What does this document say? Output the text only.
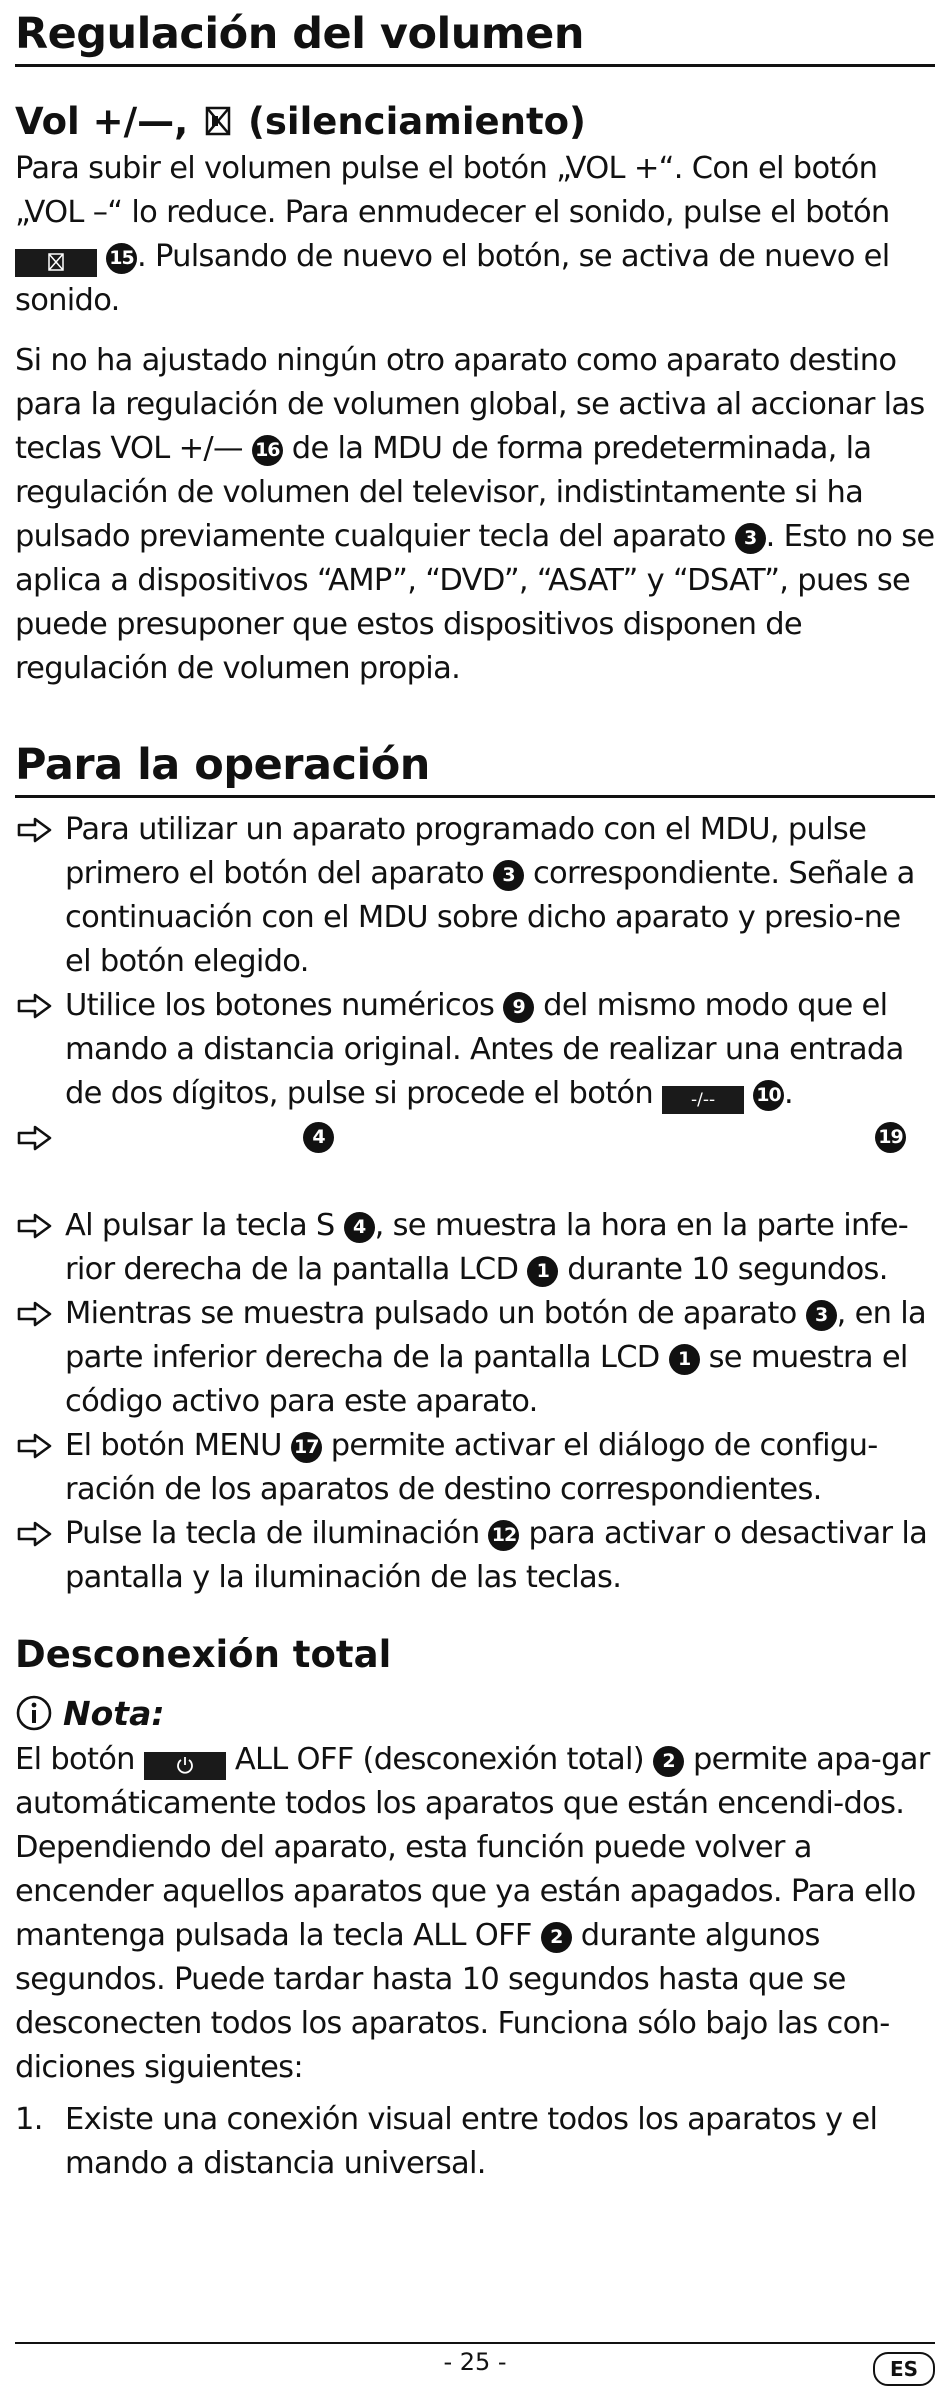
Regulación del volumen
Vol +/—, (silenciamiento)

Para subir el volumen pulse el botón „VOL +“. Con el botón „VOL –“ lo reduce. Para enmudecer el sonido, pulse el botón  15 . Pulsando de nuevo el botón, se activa de nuevo el sonido.

Si no ha ajustado ningún otro aparato como aparato destino para la regulación de volumen global, se activa al accionar las teclas VOL +/— 16 de la MDU de forma predeterminada, la regulación de volumen del televisor, indistintamente si ha pulsado previamente cualquier tecla del aparato 3 . Esto no se aplica a dispositivos “AMP”, “DVD”, “ASAT” y “DSAT”, pues se puede presuponer que estos dispositivos disponen de regulación de volumen propia.

Para la operación
Para utilizar un aparato programado con el MDU, pulse primero el botón del aparato 3 correspondiente. Señale a continuación con el MDU sobre dicho aparato y presio-ne el botón elegido.
Utilice los botones numéricos 9 del mismo modo que el mando a distancia original. Antes de realizar una entrada de dos dígitos, pulse si procede el botón -/-- 10 .
4	19
Al pulsar la tecla S 4 , se muestra la hora en la parte infe-rior derecha de la pantalla LCD 1 durante 10 segundos.
Mientras se muestra pulsado un botón de aparato 3 , en la parte inferior derecha de la pantalla LCD 1 se muestra el código activo para este aparato.
El botón MENU 17 permite activar el diálogo de configu-ración de los aparatos de destino correspondientes.
Pulse la tecla de iluminación 12 para activar o desactivar la pantalla y la iluminación de las teclas.
Desconexión total
Nota:

El botón	ALL OFF (desconexión total) 2 permite apa-gar automáticamente todos los aparatos que están encendi-dos. Dependiendo del aparato, esta función puede volver a encender aquellos aparatos que ya están apagados. Para ello mantenga pulsada la tecla ALL OFF 2 durante algunos segundos. Puede tardar hasta 10 segundos hasta que se desconecten todos los aparatos. Funciona sólo bajo las con-diciones siguientes:

1. Existe una conexión visual entre todos los aparatos y el mando a distancia universal.
- 25 -	ES
